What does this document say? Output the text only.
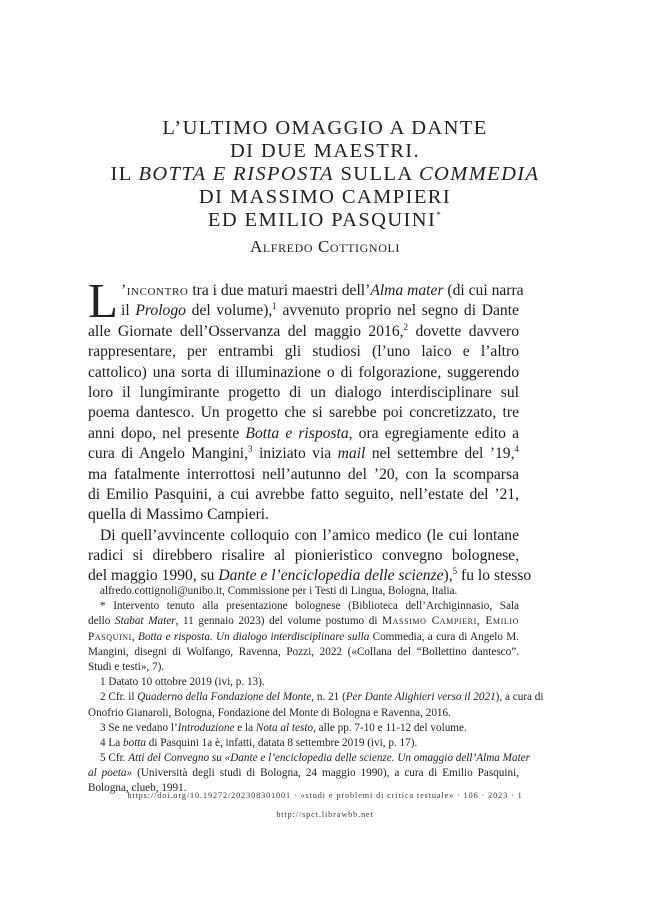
L’ULTIMO OMAGGIO A DANTE
DI DUE MAESTRI.
IL BOTTA E RISPOSTA SULLA COMMEDIA
DI MASSIMO CAMPIERI
ED EMILIO PASQUINI*
Alfredo Cottignoli
L ’incontro tra i due maturi maestri dell’Alma mater (di cui narra
il Prologo del volume),$^1$ avvenuto proprio nel segno di Dante
alle Giornate dell’Osservanza del maggio 2016,$^2$ dovette davvero
rappresentare, per entrambi gli studiosi (l’uno laico e l’altro
cattolico) una sorta di illuminazione o di folgorazione, suggerendo
loro il lungimirante progetto di un dialogo interdisciplinare sul
poema dantesco. Un progetto che si sarebbe poi concretizzato, tre
anni dopo, nel presente Botta e risposta, ora egregiamente edito a
cura di Angelo Mangini,$^3$ iniziato via mail nel settembre del ’19,$^4$
ma fatalmente interrottosi nell’autunno del ’20, con la scomparsa
di Emilio Pasquini, a cui avrebbe fatto seguito, nell’estate del ’21,
quella di Massimo Campieri.
Di quell’avvincente colloquio con l’amico medico (le cui lontane
radici si direbbero risalire al pionieristico convegno bolognese,
del maggio 1990, su Dante e l’enciclopedia delle scienze),$^5$ fu lo stesso
alfredo.cottignoli@unibo.it, Commissione per i Testi di Lingua, Bologna, Italia.
* Intervento tenuto alla presentazione bolognese (Biblioteca dell’Archiginnasio, Sala
dello Stabat Mater, 11 gennaio 2023) del volume postumo di Massimo Campieri, Emilio
Pasquini, Botta e risposta. Un dialogo interdisciplinare sulla Commedia, a cura di Angelo M.
Mangini, disegni di Wolfango, Ravenna, Pozzi, 2022 («Collana del “Bollettino dantesco”.
Studi e testi», 7).
1 Datato 10 ottobre 2019 (ivi, p. 13).
2 Cfr. il Quaderno della Fondazione del Monte, n. 21 (Per Dante Alighieri verso il 2021), a cura di
Onofrio Gianaroli, Bologna, Fondazione del Monte di Bologna e Ravenna, 2016.
3 Se ne vedano l’Introduzione e la Nota al testo, alle pp. 7-10 e 11-12 del volume.
4 La botta di Pasquini 1a è, infatti, datata 8 settembre 2019 (ivi, p. 17).
5 Cfr. Atti del Convegno su «Dante e l’enciclopedia delle scienze. Un omaggio dell’Alma Mater
al poeta» (Università degli studi di Bologna, 24 maggio 1990), a cura di Emilio Pasquini,
Bologna, clueb, 1991.
https://doi.org/10.19272/202308301001 · «studi e problemi di critica testuale» · 106 · 2023 · 1
http://spct.librawbb.net
